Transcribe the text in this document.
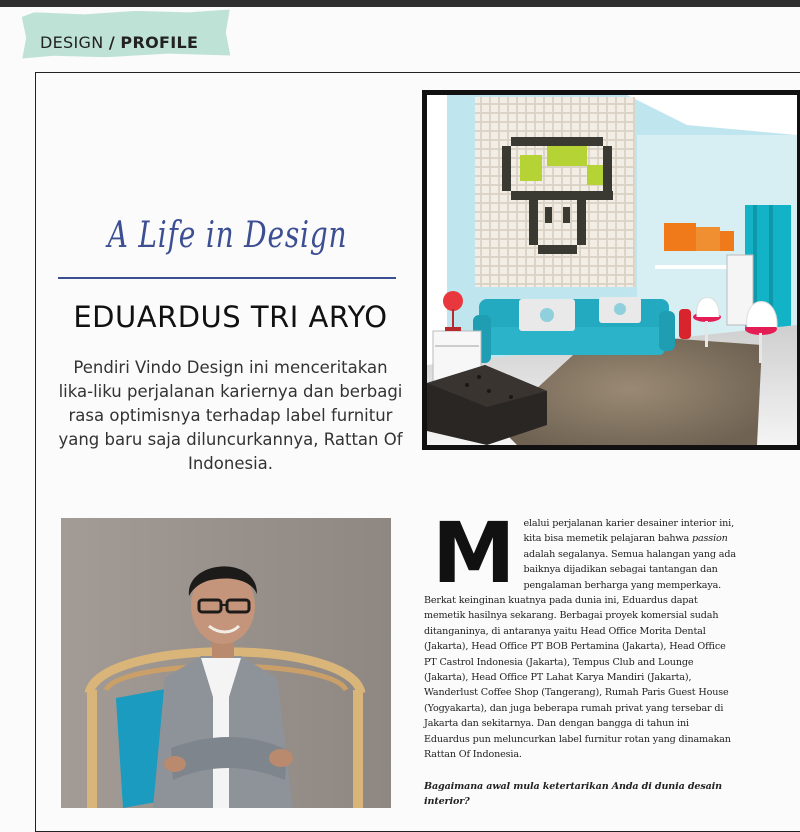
DESIGN / PROFILE
A Life in Design
EDUARDUS TRI ARYO
Pendiri Vindo Design ini menceritakan lika-liku perjalanan kariernya dan berbagi rasa optimisnya terhadap label furnitur yang baru saja diluncurkannya, Rattan Of Indonesia.
M elalui perjalanan karier desainer interior ini, kita bisa memetik pelajaran bahwa passion adalah segalanya. Semua halangan yang ada baiknya dijadikan sebagai tantangan dan pengalaman berharga yang memperkaya. Berkat keinginan kuatnya pada dunia ini, Eduardus dapat memetik hasilnya sekarang. Berbagai proyek komersial sudah ditanganinya, di antaranya yaitu Head Office Morita Dental (Jakarta), Head Office PT BOB Pertamina (Jakarta), Head Office PT Castrol Indonesia (Jakarta), Tempus Club and Lounge (Jakarta), Head Office PT Lahat Karya Mandiri (Jakarta), Wanderlust Coffee Shop (Tangerang), Rumah Paris Guest House (Yogyakarta), dan juga beberapa rumah privat yang tersebar di Jakarta dan sekitarnya. Dan dengan bangga di tahun ini Eduardus pun meluncurkan label furnitur rotan yang dinamakan Rattan Of Indonesia.

Bagaimana awal mula ketertarikan Anda di dunia desain interior?
